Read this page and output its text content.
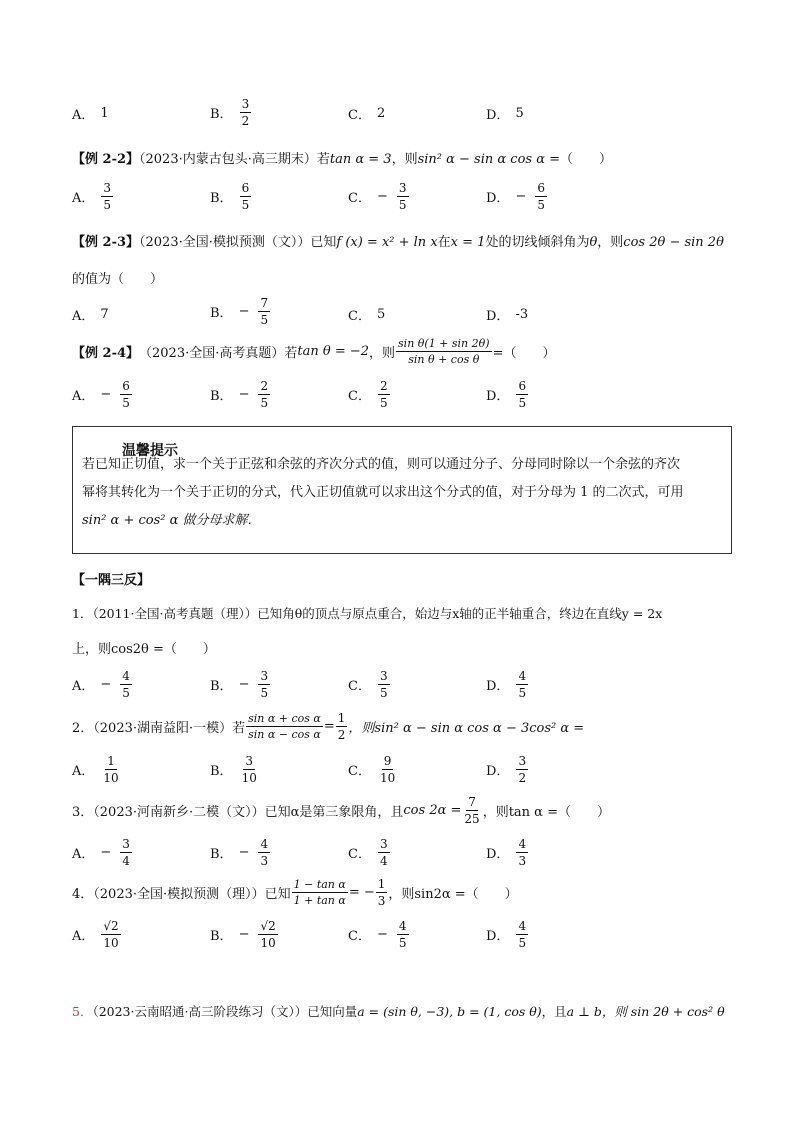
A． 1	B． $\frac{3}{2}$	C． 2	D． 5
【例 2-2】（2023·内蒙古包头·高三期末）若tan α = 3，则sin² α − sin α cos α =（　　）
A． $\frac{3}{5}$	B． $\frac{6}{5}$	C． − $\frac{3}{5}$	D． − $\frac{6}{5}$
【例 2-3】（2023·全国·模拟预测（文））已知f (x) = x² + ln x在x = 1处的切线倾斜角为θ，则cos 2θ − sin 2θ
的值为（　　）
A． 7	B． − $\frac{7}{5}$	C． 5	D． -3
【例 2-4】 （2023·全国·高考真题）若 tan θ = −2 ，则 $\frac{\text{sin θ(1 + sin 2θ)}}{\text{sin θ + cos θ}}$ =（　　）
A． − $\frac{6}{5}$	B． − $\frac{2}{5}$	C． $\frac{2}{5}$	D． $\frac{6}{5}$
温馨提示
若已知正切值，求一个关于正弦和余弦的齐次分式的值，则可以通过分子、分母同时除以一个余弦的齐次
幂将其转化为一个关于正切的分式，代入正切值就可以求出这个分式的值，对于分母为 1 的二次式，可用
sin² α + cos² α 做分母求解．
【一隅三反】
1．（2011·全国·高考真题（理））已知角θ的顶点与原点重合，始边与x轴的正半轴重合，终边在直线y = 2x
上，则cos2θ =（　　）
A． − $\frac{4}{5}$	B． − $\frac{3}{5}$	C． $\frac{3}{5}$	D． $\frac{4}{5}$
2．（2023·湖南益阳·一模）若 $\frac{\text{sin α + cos α}}{\text{sin α − cos α}} = \frac{1}{2}$ ，则sin² α − sin α cos α − 3cos² α =
A． $\frac{1}{10}$	B． $\frac{3}{10}$	C． $\frac{9}{10}$	D． $\frac{3}{2}$
3．（2023·河南新乡·二模（文））已知α是第三象限角，且 $\cos 2\alpha = \frac{7}{25}$ ，则tan α =（　　）
A． − $\frac{3}{4}$	B． − $\frac{4}{3}$	C． $\frac{3}{4}$	D． $\frac{4}{3}$
4．（2023·全国·模拟预测（理））已知 $\frac{\text{1 − tan α}}{\text{1 + tan α}}$ = − $\frac{1}{3}$ ，则sin2α =（　　）
A． $\frac{√2}{10}$	B． − $\frac{√2}{10}$	C． − $\frac{4}{5}$	D． $\frac{4}{5}$
5．（2023·云南昭通·高三阶段练习（文））已知向量a = (sin θ, −3), b = (1, cos θ)，且a ⊥ b，则 sin 2θ + cos² θ
